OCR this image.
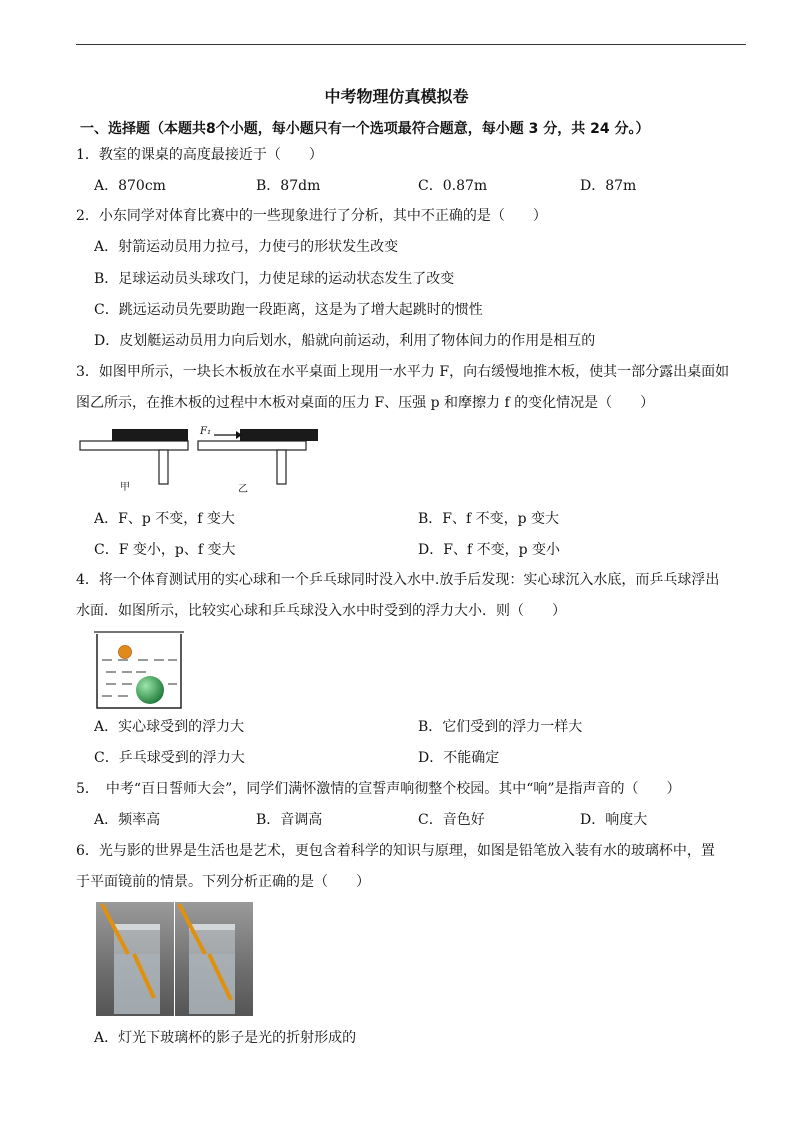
中考物理仿真模拟卷
一、选择题（本题共8个小题，每小题只有一个选项最符合题意，每小题 3 分，共 24 分。）
1．教室的课桌的高度最接近于（　　）
A．870cm	B．87dm	C．0.87m	D．87m
2．小东同学对体育比赛中的一些现象进行了分析，其中不正确的是（　　）
A．射箭运动员用力拉弓，力使弓的形状发生改变
B．足球运动员头球攻门，力使足球的运动状态发生了改变
C．跳远运动员先要助跑一段距离，这是为了增大起跳时的惯性
D．皮划艇运动员用力向后划水，船就向前运动，利用了物体间力的作用是相互的
3．如图甲所示，一块长木板放在水平桌面上现用一水平力 F，向右缓慢地推木板，使其一部分露出桌面如
图乙所示，在推木板的过程中木板对桌面的压力 F、压强 p 和摩擦力 f 的变化情况是（　　）
甲	乙
F₁
A．F、p 不变，f 变大	B．F、f 不变，p 变大
C．F 变小，p、f 变大	D．F、f 不变，p 变小
4．将一个体育测试用的实心球和一个乒乓球同时没入水中.放手后发现：实心球沉入水底，而乒乓球浮出
水面．如图所示，比较实心球和乒乓球没入水中时受到的浮力大小．则（　　）
A．实心球受到的浮力大	B．它们受到的浮力一样大
C．乒乓球受到的浮力大	D．不能确定
5．　中考“百日誓师大会”，同学们满怀激情的宣誓声响彻整个校园。其中“响”是指声音的（　　）
A．频率高	B．音调高	C．音色好	D．响度大
6．光与影的世界是生活也是艺术，更包含着科学的知识与原理，如图是铅笔放入装有水的玻璃杯中，置
于平面镜前的情景。下列分析正确的是（　　）
A．灯光下玻璃杯的影子是光的折射形成的
